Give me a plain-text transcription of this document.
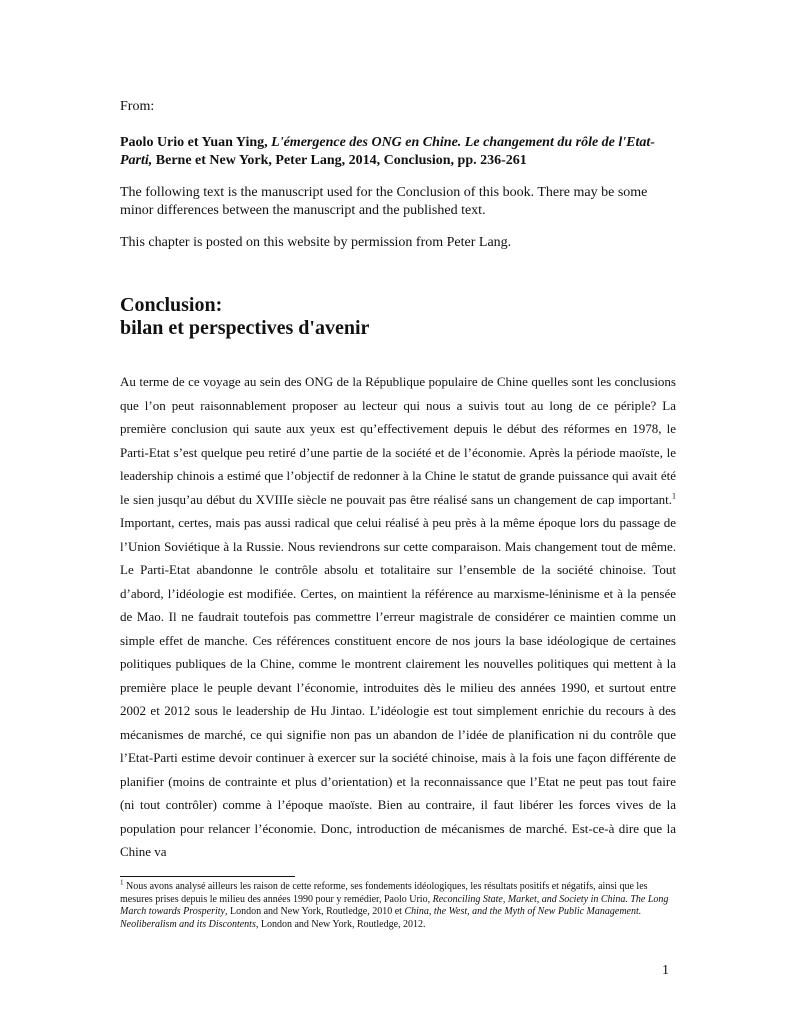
From:
Paolo Urio et Yuan Ying, L'émergence des ONG en Chine. Le changement du rôle de l'Etat-Parti, Berne et New York, Peter Lang, 2014, Conclusion, pp. 236-261
The following text is the manuscript used for the Conclusion of this book. There may be some minor differences between the manuscript and the published text.
This chapter is posted on this website by permission from Peter Lang.
Conclusion:
bilan et perspectives d'avenir
Au terme de ce voyage au sein des ONG de la République populaire de Chine quelles sont les conclusions que l’on peut raisonnablement proposer au lecteur qui nous a suivis tout au long de ce périple? La première conclusion qui saute aux yeux est qu’effectivement depuis le début des réformes en 1978, le Parti-Etat s’est quelque peu retiré d’une partie de la société et de l’économie. Après la période maoïste, le leadership chinois a estimé que l’objectif de redonner à la Chine le statut de grande puissance qui avait été le sien jusqu’au début du XVIIIe siècle ne pouvait pas être réalisé sans un changement de cap important.$^1$ Important, certes, mais pas aussi radical que celui réalisé à peu près à la même époque lors du passage de l’Union Soviétique à la Russie. Nous reviendrons sur cette comparaison. Mais changement tout de même. Le Parti-Etat abandonne le contrôle absolu et totalitaire sur l’ensemble de la société chinoise. Tout d’abord, l’idéologie est modifiée. Certes, on maintient la référence au marxisme-léninisme et à la pensée de Mao. Il ne faudrait toutefois pas commettre l’erreur magistrale de considérer ce maintien comme un simple effet de manche. Ces références constituent encore de nos jours la base idéologique de certaines politiques publiques de la Chine, comme le montrent clairement les nouvelles politiques qui mettent à la première place le peuple devant l’économie, introduites dès le milieu des années 1990, et surtout entre 2002 et 2012 sous le leadership de Hu Jintao. L’idéologie est tout simplement enrichie du recours à des mécanismes de marché, ce qui signifie non pas un abandon de l’idée de planification ni du contrôle que l’Etat-Parti estime devoir continuer à exercer sur la société chinoise, mais à la fois une façon différente de planifier (moins de contrainte et plus d’orientation) et la reconnaissance que l’Etat ne peut pas tout faire (ni tout contrôler) comme à l’époque maoïste. Bien au contraire, il faut libérer les forces vives de la population pour relancer l’économie. Donc, introduction de mécanismes de marché. Est-ce-à dire que la Chine va
$^1$ Nous avons analysé ailleurs les raison de cette reforme, ses fondements idéologiques, les résultats positifs et négatifs, ainsi que les mesures prises depuis le milieu des années 1990 pour y remédier, Paolo Urio, Reconciling State, Market, and Society in China. The Long March towards Prosperity, London and New York, Routledge, 2010 et China, the West, and the Myth of New Public Management. Neoliberalism and its Discontents, London and New York, Routledge, 2012.
1
